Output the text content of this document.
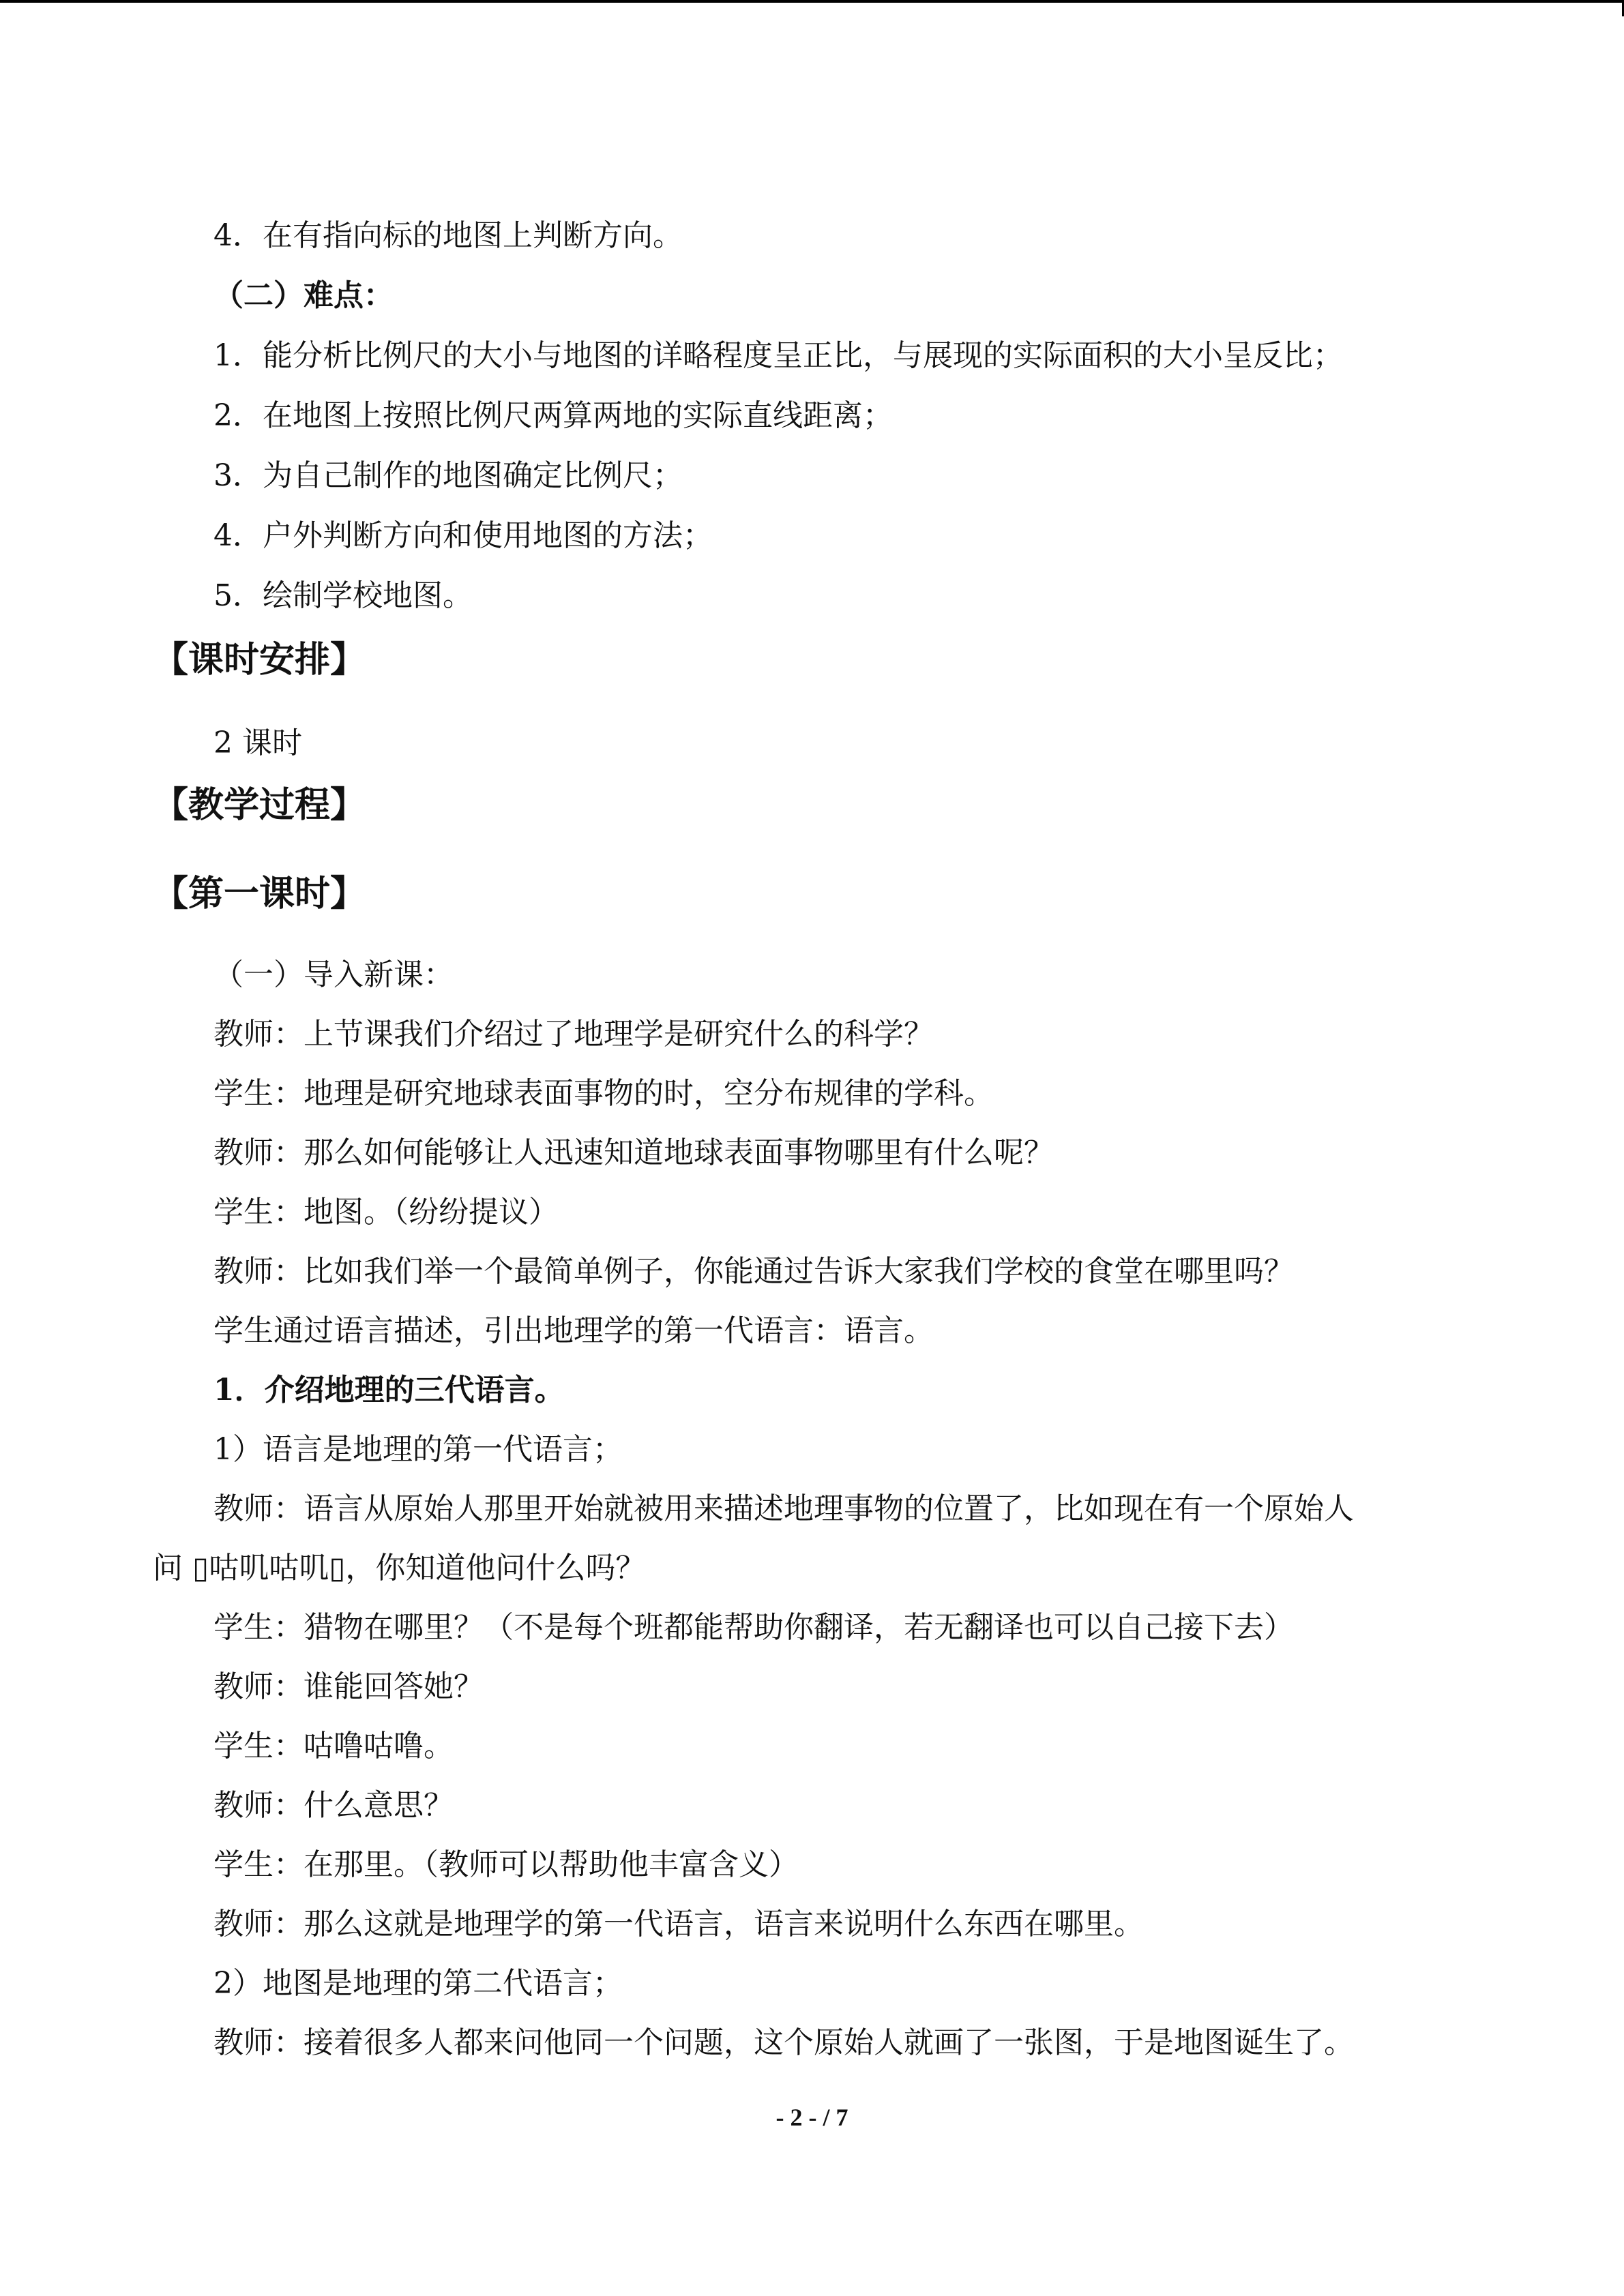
4．在有指向标的地图上判断方向。
（二）难点：
1．能分析比例尺的大小与地图的详略程度呈正比，与展现的实际面积的大小呈反比；
2．在地图上按照比例尺两算两地的实际直线距离；
3．为自己制作的地图确定比例尺；
4．户外判断方向和使用地图的方法；
5．绘制学校地图。
【课时安排】
2 课时
【教学过程】
【第一课时】
（一）导入新课：
教师：上节课我们介绍过了地理学是研究什么的科学？
学生：地理是研究地球表面事物的时，空分布规律的学科。
教师：那么如何能够让人迅速知道地球表面事物哪里有什么呢？
学生：地图。（纷纷提议）
教师：比如我们举一个最简单例子，你能通过告诉大家我们学校的食堂在哪里吗？
学生通过语言描述，引出地理学的第一代语言：语言。
1．介绍地理的三代语言。
1）语言是地理的第一代语言；
教师：语言从原始人那里开始就被用来描述地理事物的位置了，比如现在有一个原始人
问 ▯咕叽咕叽▯，你知道他问什么吗？
学生：猎物在哪里？（不是每个班都能帮助你翻译，若无翻译也可以自己接下去）
教师：谁能回答她？
学生：咕噜咕噜。
教师：什么意思？
学生：在那里。（教师可以帮助他丰富含义）
教师：那么这就是地理学的第一代语言，语言来说明什么东西在哪里。
2）地图是地理的第二代语言；
教师：接着很多人都来问他同一个问题，这个原始人就画了一张图，于是地图诞生了。
- 2 - / 7
